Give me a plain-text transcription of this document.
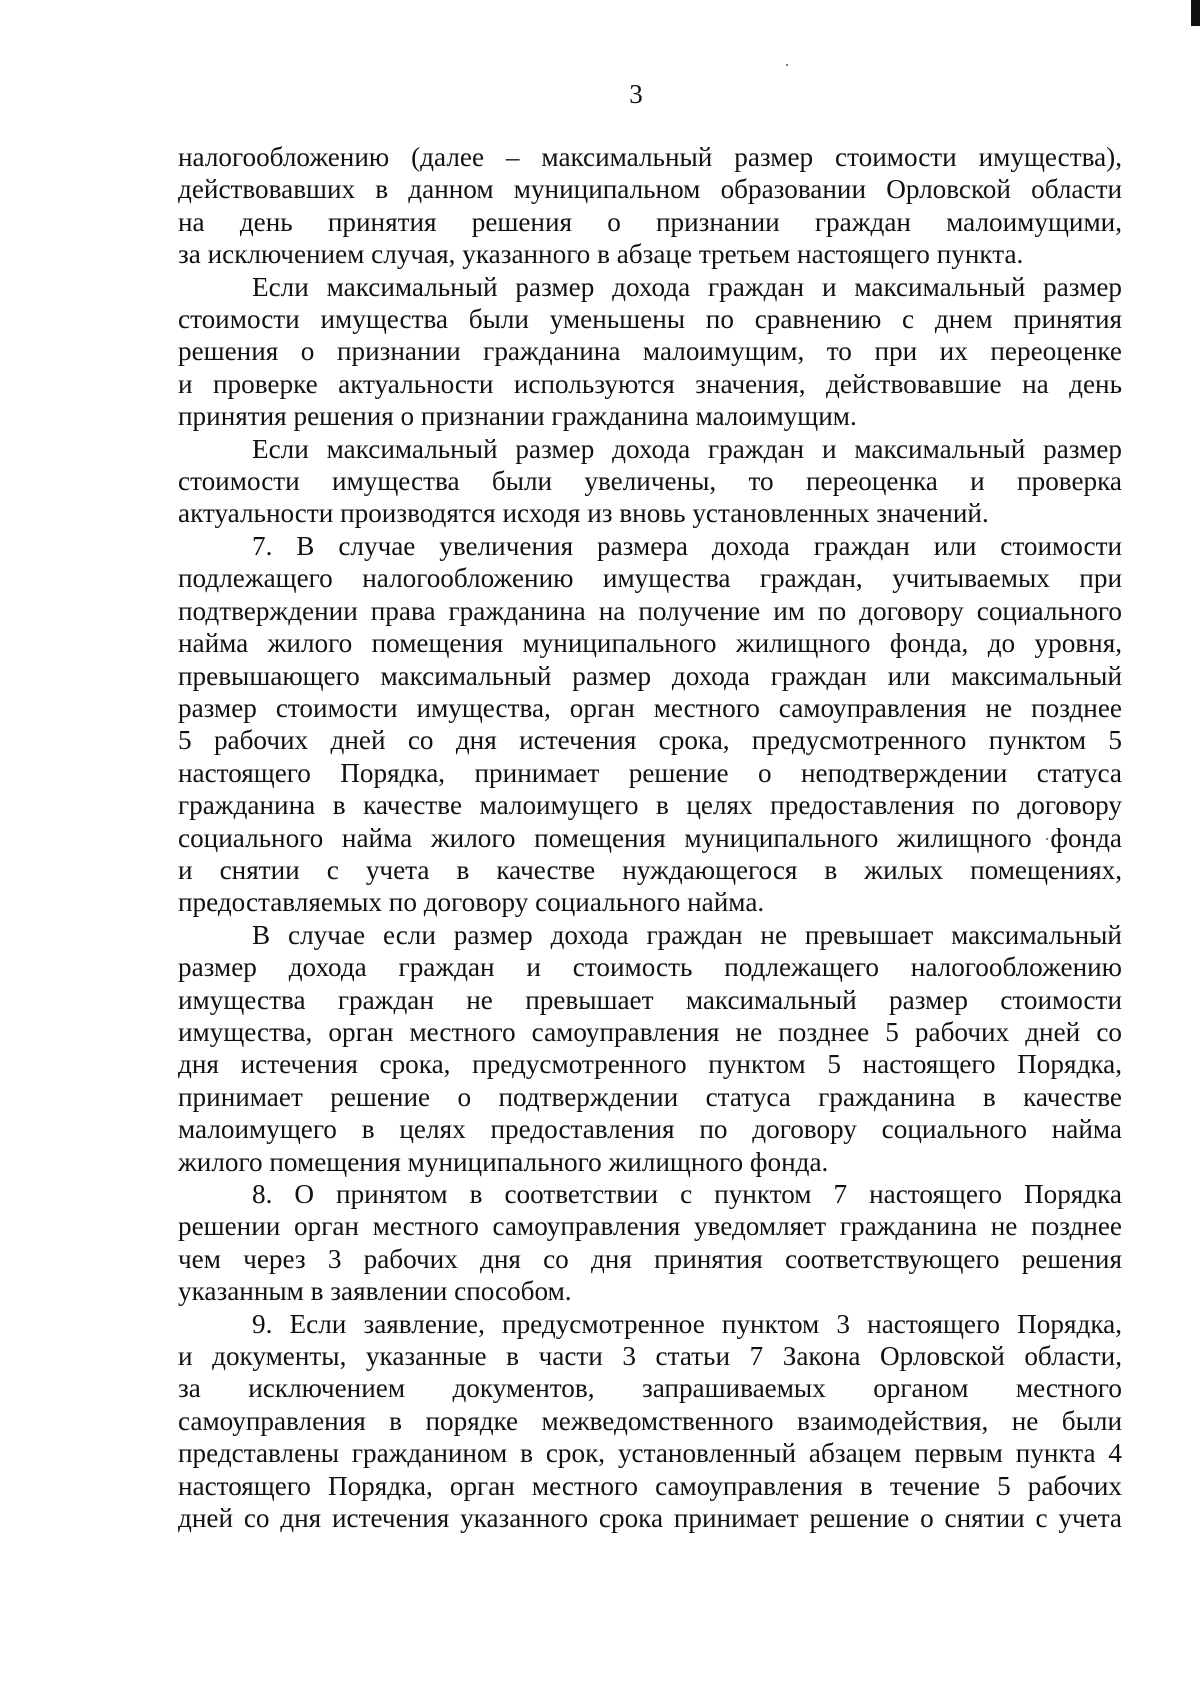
3
налогообложению (далее – максимальный размер стоимости имущества),
действовавших в данном муниципальном образовании Орловской области
на день принятия решения о признании граждан малоимущими,
за исключением случая, указанного в абзаце третьем настоящего пункта.
Если максимальный размер дохода граждан и максимальный размер
стоимости имущества были уменьшены по сравнению с днем принятия
решения о признании гражданина малоимущим, то при их переоценке
и проверке актуальности используются значения, действовавшие на день
принятия решения о признании гражданина малоимущим.
Если максимальный размер дохода граждан и максимальный размер
стоимости имущества были увеличены, то переоценка и проверка
актуальности производятся исходя из вновь установленных значений.
7. В случае увеличения размера дохода граждан или стоимости
подлежащего налогообложению имущества граждан, учитываемых при
подтверждении права гражданина на получение им по договору социального
найма жилого помещения муниципального жилищного фонда, до уровня,
превышающего максимальный размер дохода граждан или максимальный
размер стоимости имущества, орган местного самоуправления не позднее
5 рабочих дней со дня истечения срока, предусмотренного пунктом 5
настоящего Порядка, принимает решение о неподтверждении статуса
гражданина в качестве малоимущего в целях предоставления по договору
социального найма жилого помещения муниципального жилищного фонда
и снятии с учета в качестве нуждающегося в жилых помещениях,
предоставляемых по договору социального найма.
В случае если размер дохода граждан не превышает максимальный
размер дохода граждан и стоимость подлежащего налогообложению
имущества граждан не превышает максимальный размер стоимости
имущества, орган местного самоуправления не позднее 5 рабочих дней со
дня истечения срока, предусмотренного пунктом 5 настоящего Порядка,
принимает решение о подтверждении статуса гражданина в качестве
малоимущего в целях предоставления по договору социального найма
жилого помещения муниципального жилищного фонда.
8. О принятом в соответствии с пунктом 7 настоящего Порядка
решении орган местного самоуправления уведомляет гражданина не позднее
чем через 3 рабочих дня со дня принятия соответствующего решения
указанным в заявлении способом.
9. Если заявление, предусмотренное пунктом 3 настоящего Порядка,
и документы, указанные в части 3 статьи 7 Закона Орловской области,
за исключением документов, запрашиваемых органом местного
самоуправления в порядке межведомственного взаимодействия, не были
представлены гражданином в срок, установленный абзацем первым пункта 4
настоящего Порядка, орган местного самоуправления в течение 5 рабочих
дней со дня истечения указанного срока принимает решение о снятии с учета
